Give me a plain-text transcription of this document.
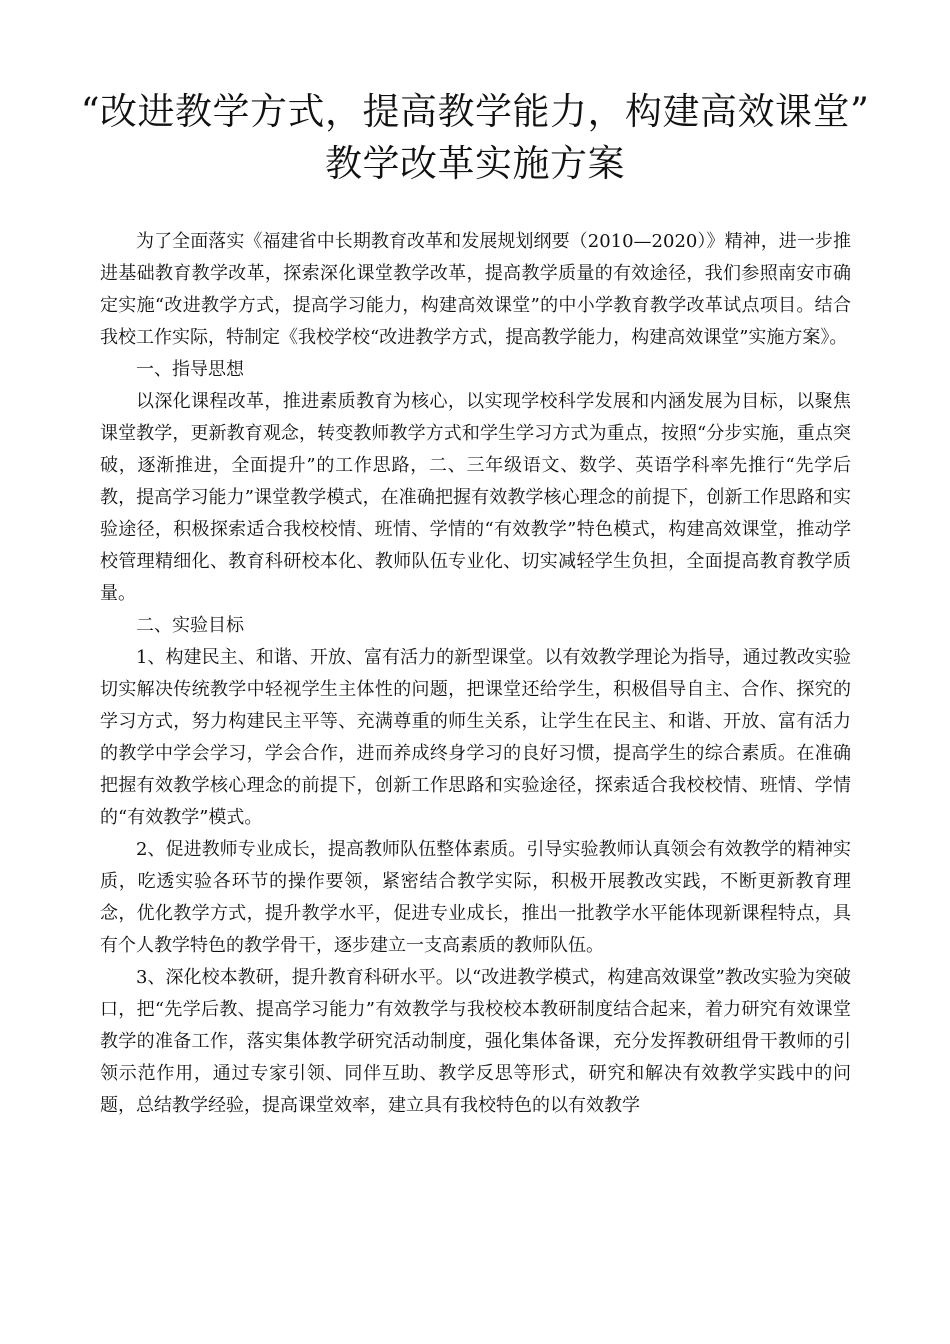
“改进教学方式，提高教学能力，构建高效课堂”
教学改革实施方案

为了全面落实《福建省中长期教育改革和发展规划纲要（2010—2020）》精神，进一步推进基础教育教学改革，探索深化课堂教学改革，提高教学质量的有效途径，我们参照南安市确定实施“改进教学方式，提高学习能力，构建高效课堂”的中小学教育教学改革试点项目。结合我校工作实际，特制定《我校学校“改进教学方式，提高教学能力，构建高效课堂”实施方案》。

一、指导思想

以深化课程改革，推进素质教育为核心，以实现学校科学发展和内涵发展为目标，以聚焦课堂教学，更新教育观念，转变教师教学方式和学生学习方式为重点，按照“分步实施，重点突破，逐渐推进，全面提升”的工作思路，二、三年级语文、数学、英语学科率先推行“先学后教，提高学习能力”课堂教学模式，在准确把握有效教学核心理念的前提下，创新工作思路和实验途径，积极探索适合我校校情、班情、学情的“有效教学”特色模式，构建高效课堂，推动学校管理精细化、教育科研校本化、教师队伍专业化、切实减轻学生负担，全面提高教育教学质量。

二、实验目标

1、构建民主、和谐、开放、富有活力的新型课堂。以有效教学理论为指导，通过教改实验切实解决传统教学中轻视学生主体性的问题，把课堂还给学生，积极倡导自主、合作、探究的学习方式，努力构建民主平等、充满尊重的师生关系，让学生在民主、和谐、开放、富有活力的教学中学会学习，学会合作，进而养成终身学习的良好习惯，提高学生的综合素质。在准确把握有效教学核心理念的前提下，创新工作思路和实验途径，探索适合我校校情、班情、学情的“有效教学”模式。

2、促进教师专业成长，提高教师队伍整体素质。引导实验教师认真领会有效教学的精神实质，吃透实验各环节的操作要领，紧密结合教学实际，积极开展教改实践，不断更新教育理念，优化教学方式，提升教学水平，促进专业成长，推出一批教学水平能体现新课程特点，具有个人教学特色的教学骨干，逐步建立一支高素质的教师队伍。

3、深化校本教研，提升教育科研水平。以“改进教学模式，构建高效课堂”教改实验为突破口，把“先学后教、提高学习能力”有效教学与我校校本教研制度结合起来，着力研究有效课堂教学的准备工作，落实集体教学研究活动制度，强化集体备课，充分发挥教研组骨干教师的引领示范作用，通过专家引领、同伴互助、教学反思等形式，研究和解决有效教学实践中的问题，总结教学经验，提高课堂效率，建立具有我校特色的以有效教学
